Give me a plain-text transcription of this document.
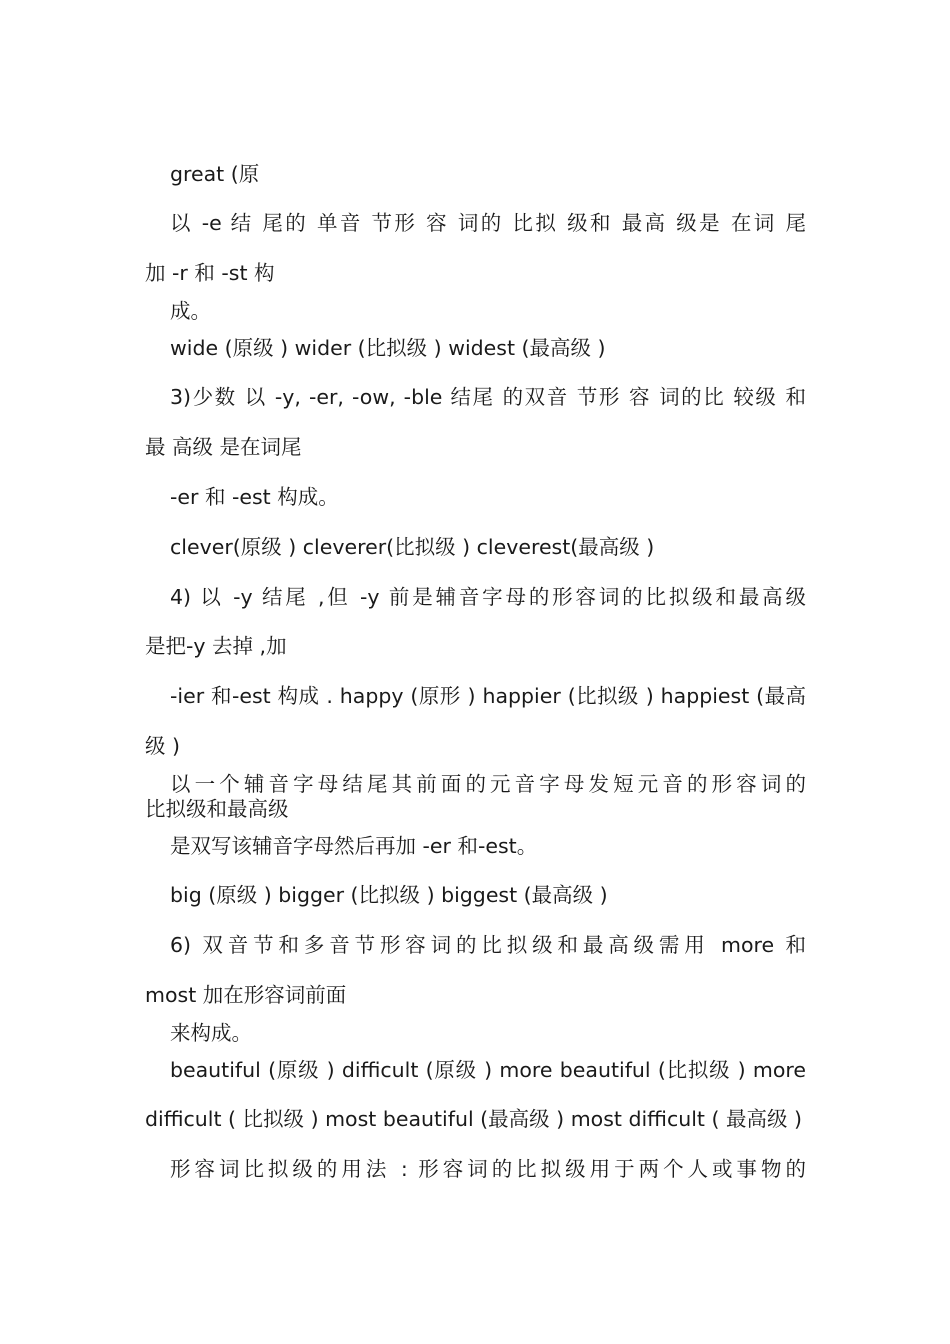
great (原
以 -e 结 尾的 单音 节形 容 词的 比拟 级和 最高 级是 在词 尾
加 -r 和 -st 构
成。
wide (原级 ) wider (比拟级 ) widest (最高级 )
3)少数 以 -y, -er, -ow, -ble 结尾 的双音 节形 容 词的比 较级 和
最 高级 是在词尾
-er 和 -est 构成。
clever(原级 ) cleverer(比拟级 ) cleverest(最高级 )
4) 以 -y 结尾 ,但 -y 前是辅音字母的形容词的比拟级和最高级
是把-y 去掉 ,加
-ier 和-est 构成 . happy (原形 ) happier (比拟级 ) happiest (最高
级 )
以一个辅音字母结尾其前面的元音字母发短元音的形容词的
比拟级和最高级
是双写该辅音字母然后再加 -er 和-est。
big (原级 ) bigger (比拟级 ) biggest (最高级 )
6) 双音节和多音节形容词的比拟级和最高级需用 more 和
most 加在形容词前面
来构成。
beautiful (原级 ) difficult (原级 ) more beautiful (比拟级 ) more
difficult ( 比拟级 ) most beautiful (最高级 ) most difficult ( 最高级 )
形容词比拟级的用法 : 形容词的比拟级用于两个人或事物的
